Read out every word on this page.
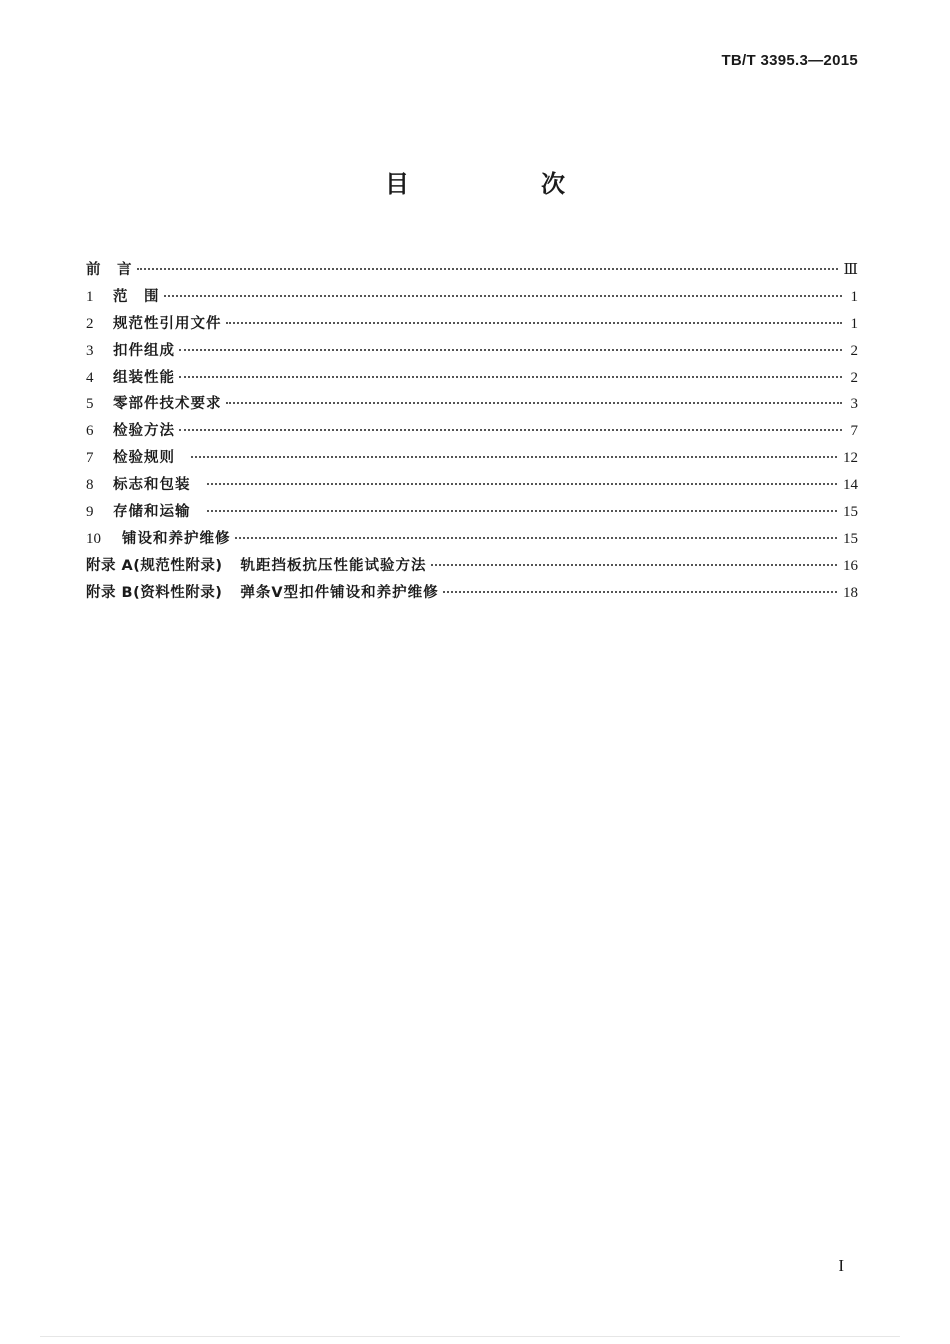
TB/T 3395.3—2015
目　次
前　言	Ⅲ
1	范　围	1
2	规范性引用文件	1
3	扣件组成	2
4	组装性能	2
5	零部件技术要求	3
6	检验方法	7
7	检验规则	12
8	标志和包装	14
9	存储和运输	15
10	铺设和养护维修	15
附录 A(规范性附录) 轨距挡板抗压性能试验方法	16
附录 B(资料性附录) 弹条Ⅴ型扣件铺设和养护维修	18
I
